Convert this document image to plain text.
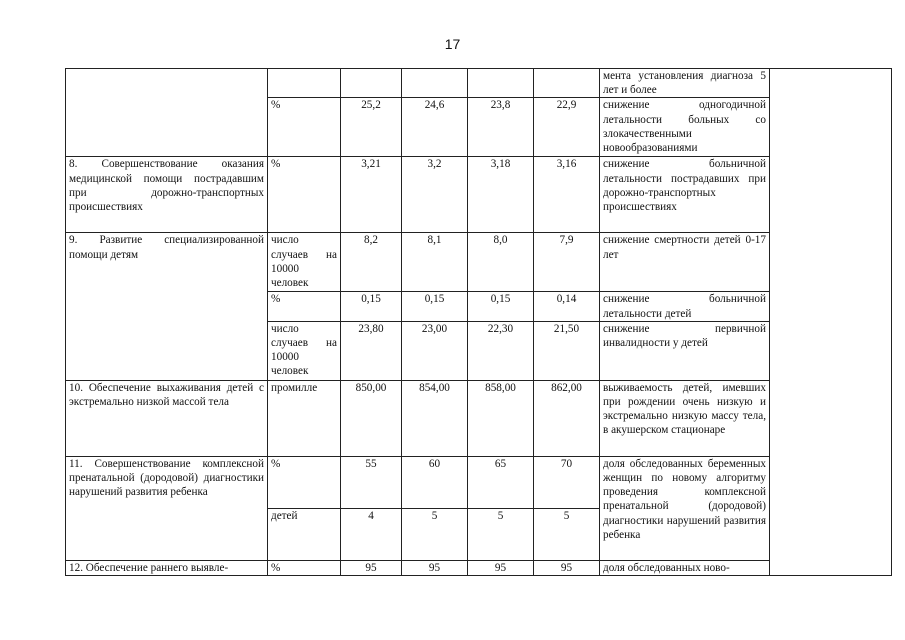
17
						мента установления диагноза 5 лет и более	
	%	25,2	24,6	23,8	22,9	снижение одногодичной летальности больных со злокачественными новообразованиями	
8. Совершенствование оказания медицинской помощи пострадавшим при дорожно-транспортных происшествиях	%	3,21	3,2	3,18	3,16	снижение больничной летальности пострадавших при дорожно-транспортных происшествиях	
9. Развитие специализированной помощи детям	число случаев на 10000 человек	8,2	8,1	8,0	7,9	снижение смертности детей 0-17 лет	
	%	0,15	0,15	0,15	0,14	снижение больничной летальности детей	
	число случаев на 10000 человек	23,80	23,00	22,30	21,50	снижение первичной инвалидности у детей	
10. Обеспечение выхаживания детей с экстремально низкой массой тела	промилле	850,00	854,00	858,00	862,00	выживаемость детей, имевших при рождении очень низкую и экстремально низкую массу тела, в акушерском стационаре	
11. Совершенствование комплексной пренатальной (дородовой) диагностики нарушений развития ребенка	%	55	60	65	70	доля обследованных беременных женщин по новому алгоритму проведения комплексной пренатальной (дородовой) диагностики нарушений развития ребенка	
	детей	4	5	5	5		
12. Обеспечение раннего выявле-	%	95	95	95	95	доля обследованных ново-	
